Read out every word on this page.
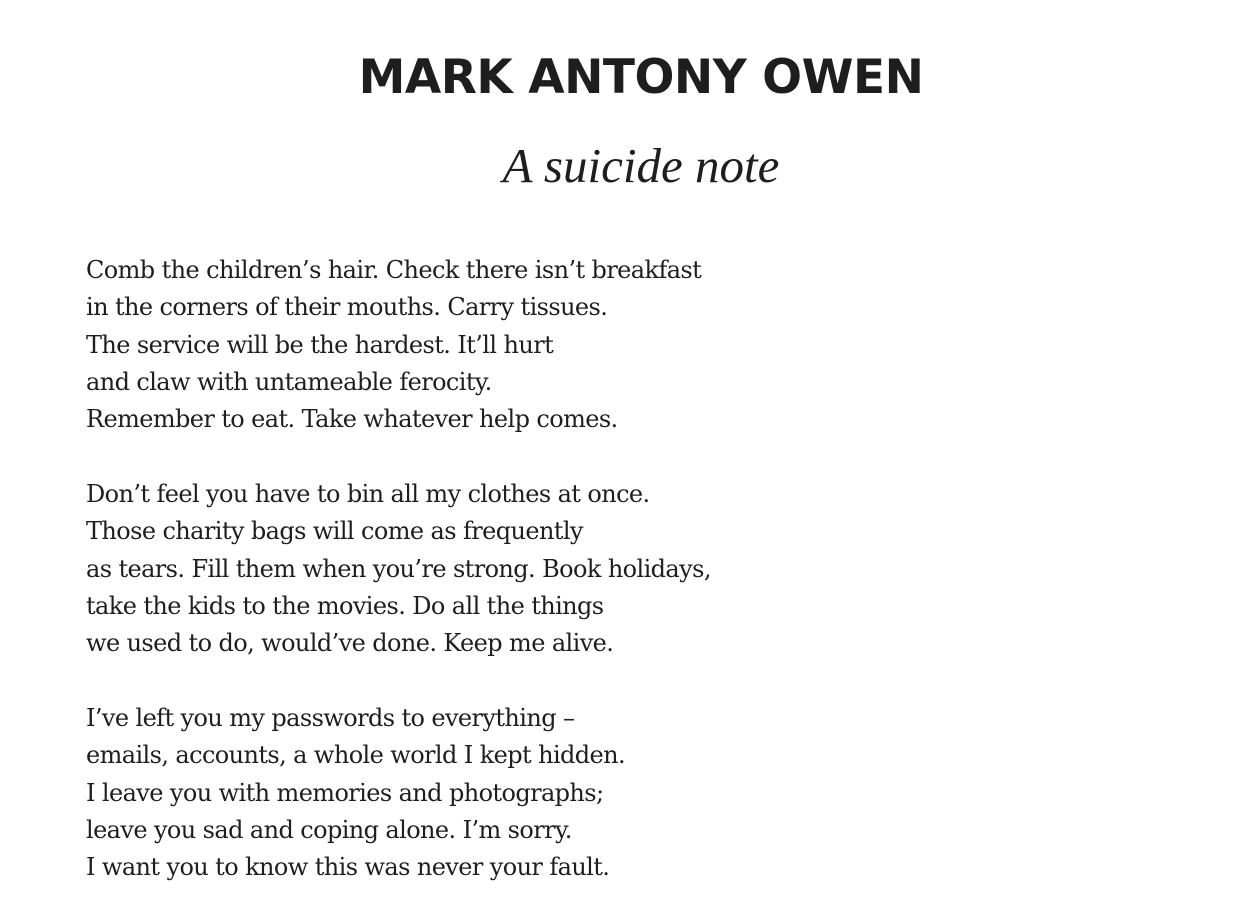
MARK ANTONY OWEN
A suicide note
Comb the children’s hair. Check there isn’t breakfast
in the corners of their mouths. Carry tissues.
The service will be the hardest. It’ll hurt
and claw with untameable ferocity.
Remember to eat. Take whatever help comes.
Don’t feel you have to bin all my clothes at once.
Those charity bags will come as frequently
as tears. Fill them when you’re strong. Book holidays,
take the kids to the movies. Do all the things
we used to do, would’ve done. Keep me alive.
I’ve left you my passwords to everything –
emails, accounts, a whole world I kept hidden.
I leave you with memories and photographs;
leave you sad and coping alone. I’m sorry.
I want you to know this was never your fault.
